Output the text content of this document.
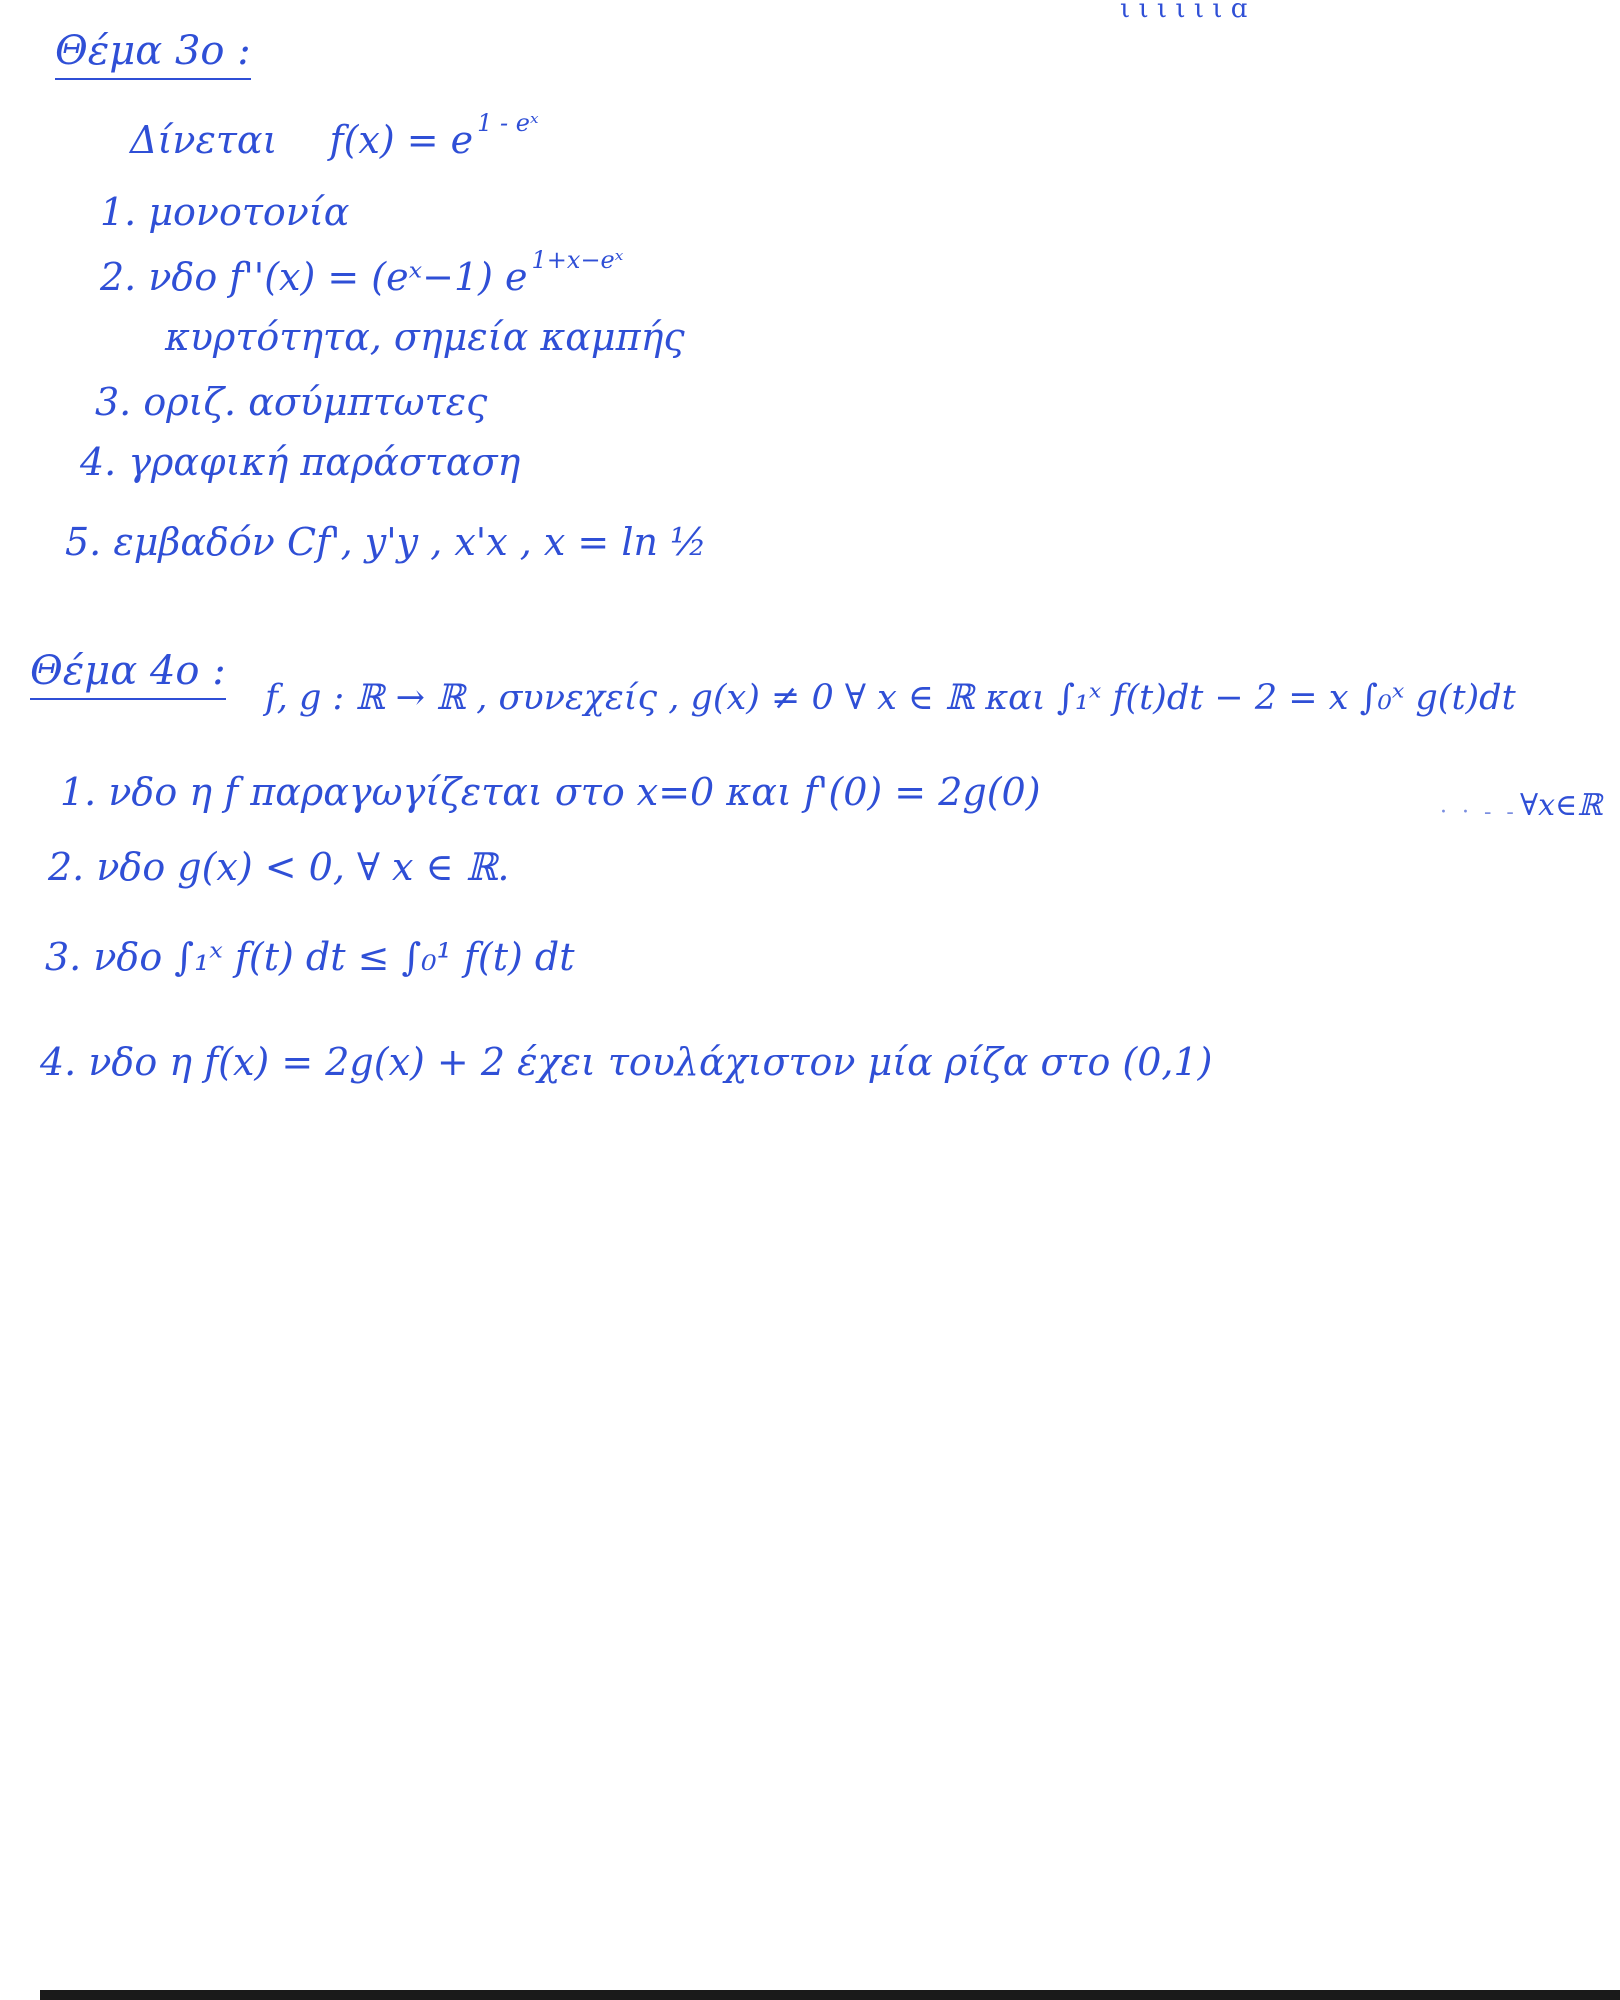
ι ι ι ι ι ι ɑ
Θέμα 3ο :
Δίνεται f(x) = e $^{1 - eˣ}$
1. μονοτονία
2. νδο f''(x) = (eˣ−1) e $^{1+x-eˣ}$
κυρτότητα, σημεία καμπής
3. οριζ. ασύμπτωτες
4. γραφική παράσταση
5. εμβαδόν Cf', y'y , x'x , x = ln ½
Θέμα 4ο :
f, g : ℝ → ℝ , συνεχείς , g(x) ≠ 0 ∀ x ∈ ℝ και ∫₁ˣ f(t)dt − 2 = x ∫₀ˣ g(t)dt
∀x∈ℝ
· · - -
1. νδο η f παραγωγίζεται στο x=0 και f'(0) = 2g(0)
2. νδο g(x) < 0, ∀ x ∈ ℝ.
3. νδο ∫₁ˣ f(t) dt ≤ ∫₀¹ f(t) dt
4. νδο η f(x) = 2g(x) + 2 έχει τουλάχιστον μία ρίζα στο (0,1)
